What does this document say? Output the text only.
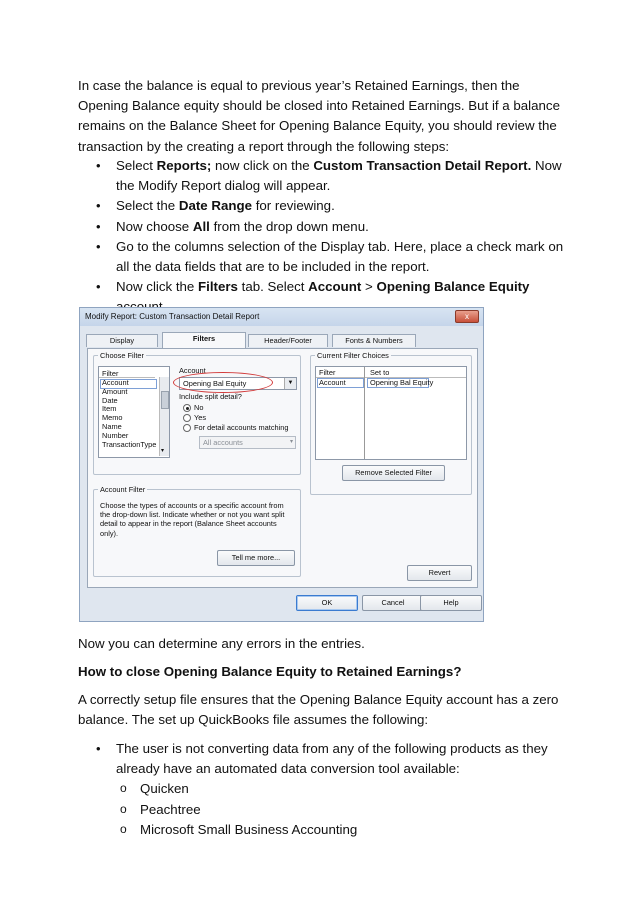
In case the balance is equal to previous year’s Retained Earnings, then the Opening Balance equity should be closed into Retained Earnings. But if a balance remains on the Balance Sheet for Opening Balance Equity, you should review the transaction by the creating a report through the following steps:

• Select Reports; now click on the Custom Transaction Detail Report. Now the Modify Report dialog will appear.
• Select the Date Range for reviewing.
• Now choose All from the drop down menu.
• Go to the columns selection of the Display tab. Here, place a check mark on all the data fields that are to be included in the report.
• Now click the Filters tab. Select Account > Opening Balance Equity
Modify Report: Custom Transaction Detail Report	x
Display	Filters	Header/Footer	Fonts & Numbers
Choose Filter
Filter
Account
Amount
Date
Item
Memo
Name
Number
TransactionType
▾
Account
Opening Bal Equity	▼
Include split detail?
No
Yes
For detail accounts matching
All accounts	▾
Current Filter Choices
Filter	Set to
Account	Opening Bal Equity
Remove Selected Filter
Account Filter
Choose the types of accounts or a specific account from the drop-down list. Indicate whether or not you want split detail to appear in the report (Balance Sheet accounts only).
Tell me more...
Revert
OK	Cancel	Help

Now you can determine any errors in the entries.

How to close Opening Balance Equity to Retained Earnings?

A correctly setup file ensures that the Opening Balance Equity account has a zero balance. The set up QuickBooks file assumes the following:

• The user is not converting data from any of the following products as they already have an automated data conversion tool available:
o Quicken
o Peachtree
o Microsoft Small Business Accounting
